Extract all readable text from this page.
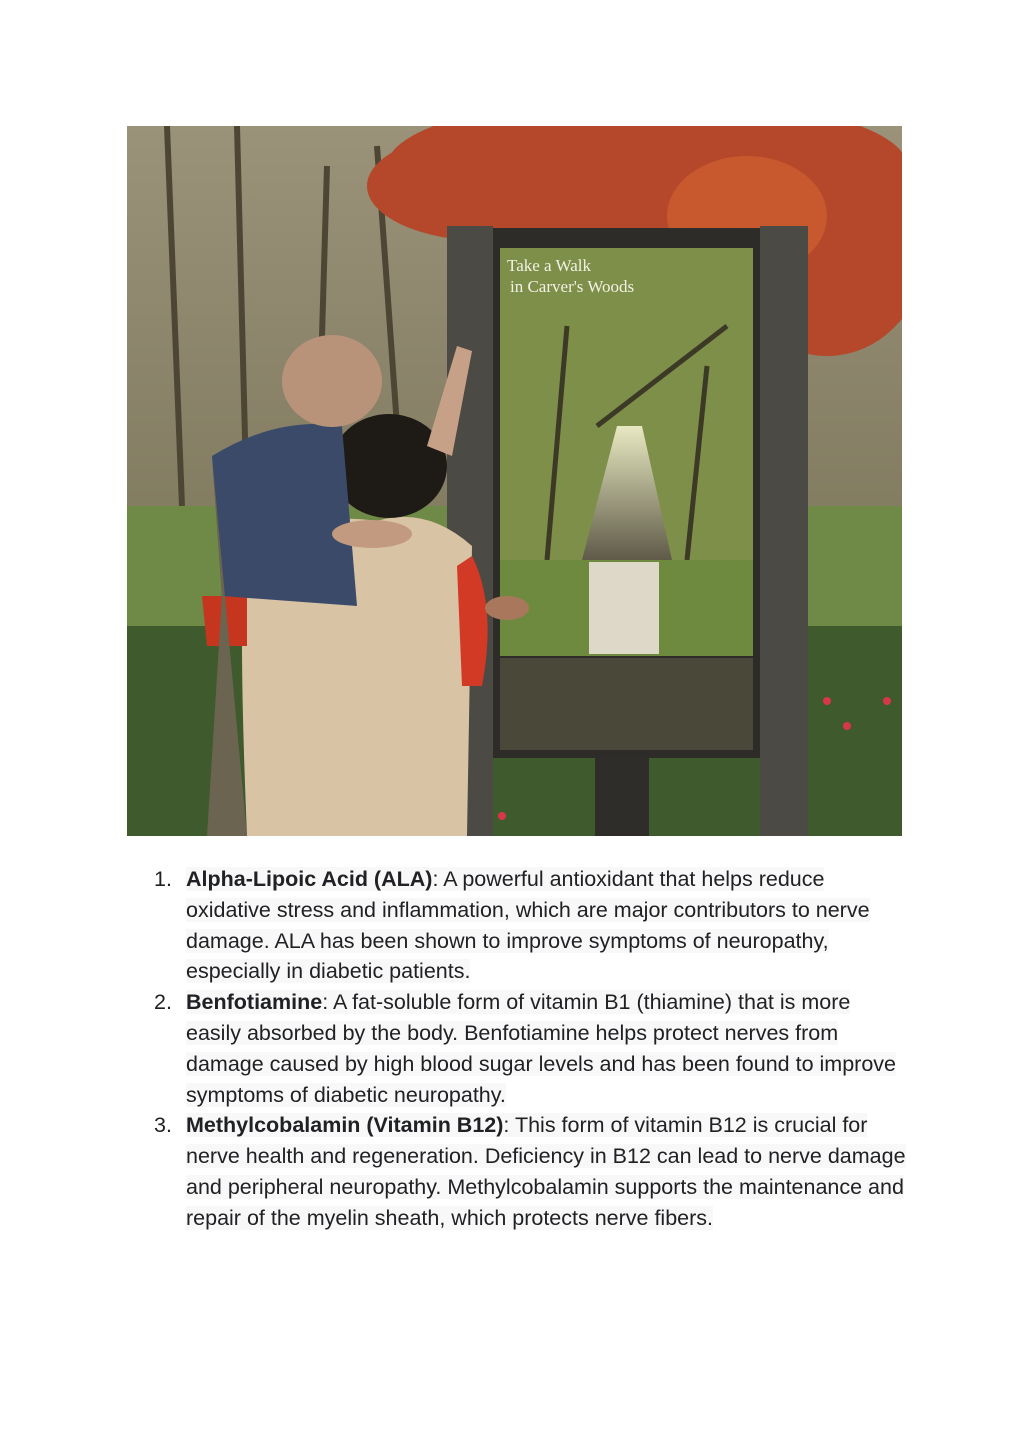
Take a Walk
in Carver's Woods
1. Alpha-Lipoic Acid (ALA): A powerful antioxidant that helps reduce oxidative stress and inflammation, which are major contributors to nerve damage. ALA has been shown to improve symptoms of neuropathy, especially in diabetic patients.
2. Benfotiamine: A fat-soluble form of vitamin B1 (thiamine) that is more easily absorbed by the body. Benfotiamine helps protect nerves from damage caused by high blood sugar levels and has been found to improve symptoms of diabetic neuropathy.
3. Methylcobalamin (Vitamin B12): This form of vitamin B12 is crucial for nerve health and regeneration. Deficiency in B12 can lead to nerve damage and peripheral neuropathy. Methylcobalamin supports the maintenance and repair of the myelin sheath, which protects nerve fibers.
